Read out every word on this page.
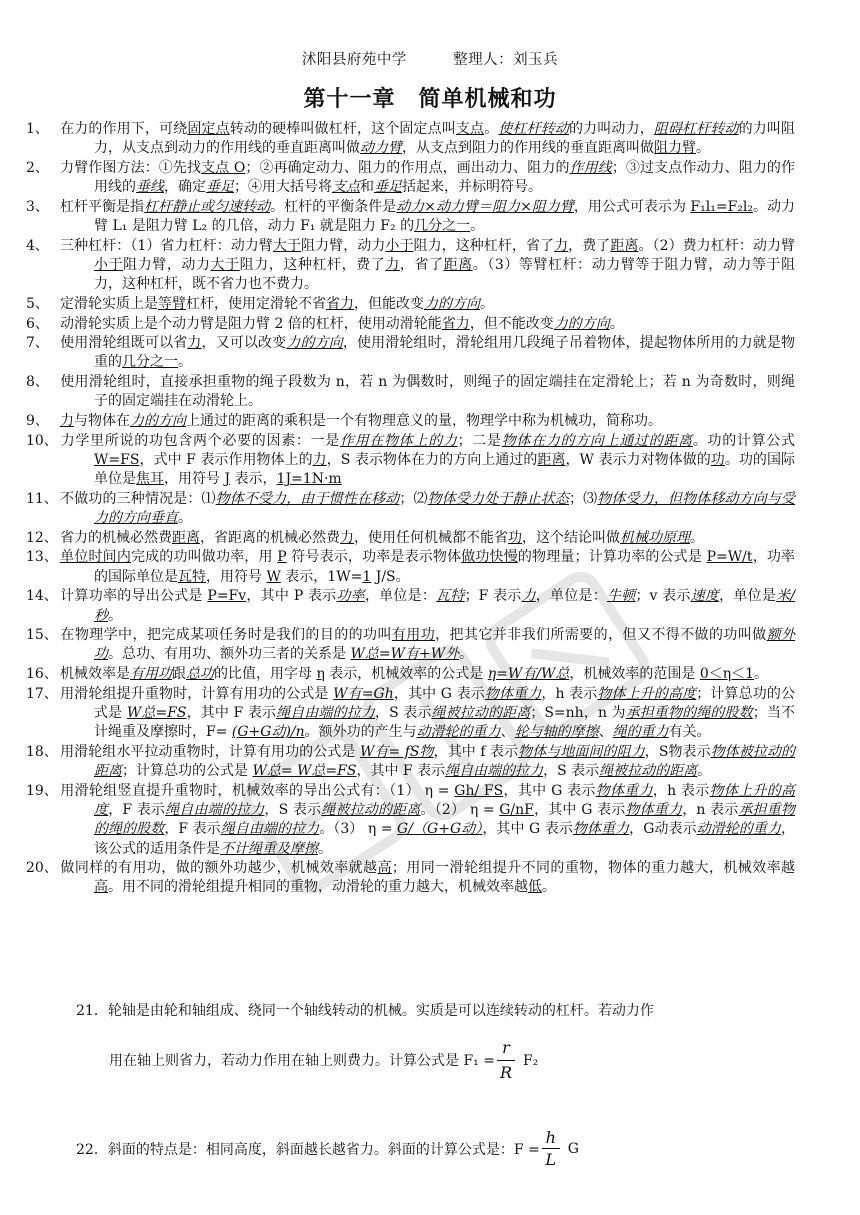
沭阳县府苑中学	整理人：刘玉兵
第十一章　简单机械和功
1、 在力的作用下，可绕固定点转动的硬棒叫做杠杆，这个固定点叫支点。使杠杆转动的力叫动力，阻碍杠杆转动的力叫阻力，从支点到动力的作用线的垂直距离叫做动力臂，从支点到阻力的作用线的垂直距离叫做阻力臂。
2、 力臂作图方法：①先找支点 O；②再确定动力、阻力的作用点，画出动力、阻力的作用线；③过支点作动力、阻力的作用线的垂线，确定垂足；④用大括号将支点和垂足括起来，并标明符号。
3、 杠杆平衡是指杠杆静止或匀速转动。杠杆的平衡条件是动力×动力臂＝阻力×阻力臂，用公式可表示为 F₁l₁=F₂l₂。动力臂 L₁ 是阻力臂 L₂ 的几倍，动力 F₁ 就是阻力 F₂ 的几分之一。
4、 三种杠杆：（1）省力杠杆：动力臂大于阻力臂，动力小于阻力，这种杠杆，省了力，费了距离。（2）费力杠杆：动力臂小于阻力臂，动力大于阻力，这种杠杆，费了力，省了距离。（3）等臂杠杆：动力臂等于阻力臂，动力等于阻力，这种杠杆，既不省力也不费力。
5、 定滑轮实质上是等臂杠杆，使用定滑轮不省省力，但能改变力的方向。
6、 动滑轮实质上是个动力臂是阻力臂 2 倍的杠杆，使用动滑轮能省力，但不能改变力的方向。
7、 使用滑轮组既可以省力，又可以改变力的方向，使用滑轮组时，滑轮组用几段绳子吊着物体，提起物体所用的力就是物重的几分之一。
8、 使用滑轮组时，直接承担重物的绳子段数为 n，若 n 为偶数时，则绳子的固定端挂在定滑轮上；若 n 为奇数时，则绳子的固定端挂在动滑轮上。
9、 力与物体在力的方向上通过的距离的乘积是一个有物理意义的量，物理学中称为机械功，简称功。
10、 力学里所说的功包含两个必要的因素：一是作用在物体上的力；二是物体在力的方向上通过的距离。功的计算公式 W=FS，式中 F 表示作用物体上的力，S 表示物体在力的方向上通过的距离，W 表示力对物体做的功。功的国际单位是焦耳，用符号 J 表示，1J=1N·m
11、 不做功的三种情况是：⑴物体不受力，由于惯性在移动；⑵物体受力处于静止状态；⑶物体受力，但物体移动方向与受力的方向垂直。
12、 省力的机械必然费距离，省距离的机械必然费力，使用任何机械都不能省功，这个结论叫做机械功原理。
13、 单位时间内完成的功叫做功率，用 P 符号表示，功率是表示物体做功快慢的物理量；计算功率的公式是 P=W/t，功率的国际单位是瓦特，用符号 W 表示，1W=1 J/S。
14、 计算功率的导出公式是 P=Fv，其中 P 表示功率，单位是：瓦特；F 表示力，单位是：牛顿；v 表示速度，单位是米/秒。
15、 在物理学中，把完成某项任务时是我们的目的的功叫有用功，把其它并非我们所需要的，但又不得不做的功叫做额外功。总功、有用功、额外功三者的关系是 W总=W有+W外。
16、 机械效率是有用功跟总功的比值，用字母 η 表示，机械效率的公式是 η=W有/W总，机械效率的范围是 0＜η＜1。
17、 用滑轮组提升重物时，计算有用功的公式是 W有=Gh，其中 G 表示物体重力，h 表示物体上升的高度；计算总功的公式是 W总=FS，其中 F 表示绳自由端的拉力，S 表示绳被拉动的距离；S=nh，n 为承担重物的绳的股数；当不计绳重及摩擦时，F= (G+G动)/n。额外功的产生与动滑轮的重力、轮与轴的摩擦、绳的重力有关。
18、 用滑轮组水平拉动重物时，计算有用功的公式是 W有= fS物，其中 f 表示物体与地面间的阻力，S物表示物体被拉动的距离；计算总功的公式是 W总= W总=FS，其中 F 表示绳自由端的拉力，S 表示绳被拉动的距离。
19、 用滑轮组竖直提升重物时，机械效率的导出公式有：（1） η = Gh/ FS，其中 G 表示物体重力，h 表示物体上升的高度，F 表示绳自由端的拉力，S 表示绳被拉动的距离。（2） η = G/nF，其中 G 表示物体重力，n 表示承担重物的绳的股数，F 表示绳自由端的拉力。（3） η = G/（G+G动），其中 G 表示物体重力，G动表示动滑轮的重力，该公式的适用条件是不计绳重及摩擦。
20、 做同样的有用功，做的额外功越少，机械效率就越高；用同一滑轮组提升不同的重物，物体的重力越大，机械效率越高。用不同的滑轮组提升相同的重物，动滑轮的重力越大，机械效率越低。
21．轮轴是由轮和轴组成、绕同一个轴线转动的机械。实质是可以连续转动的杠杆。若动力作
用在轴上则省力，若动力作用在轴上则费力。计算公式是 $F_1 = \frac{r}{R} F_2$
22． 斜面的特点是：相同高度，斜面越长越省力。斜面的计算公式是：$F = \frac{h}{L}$ G
